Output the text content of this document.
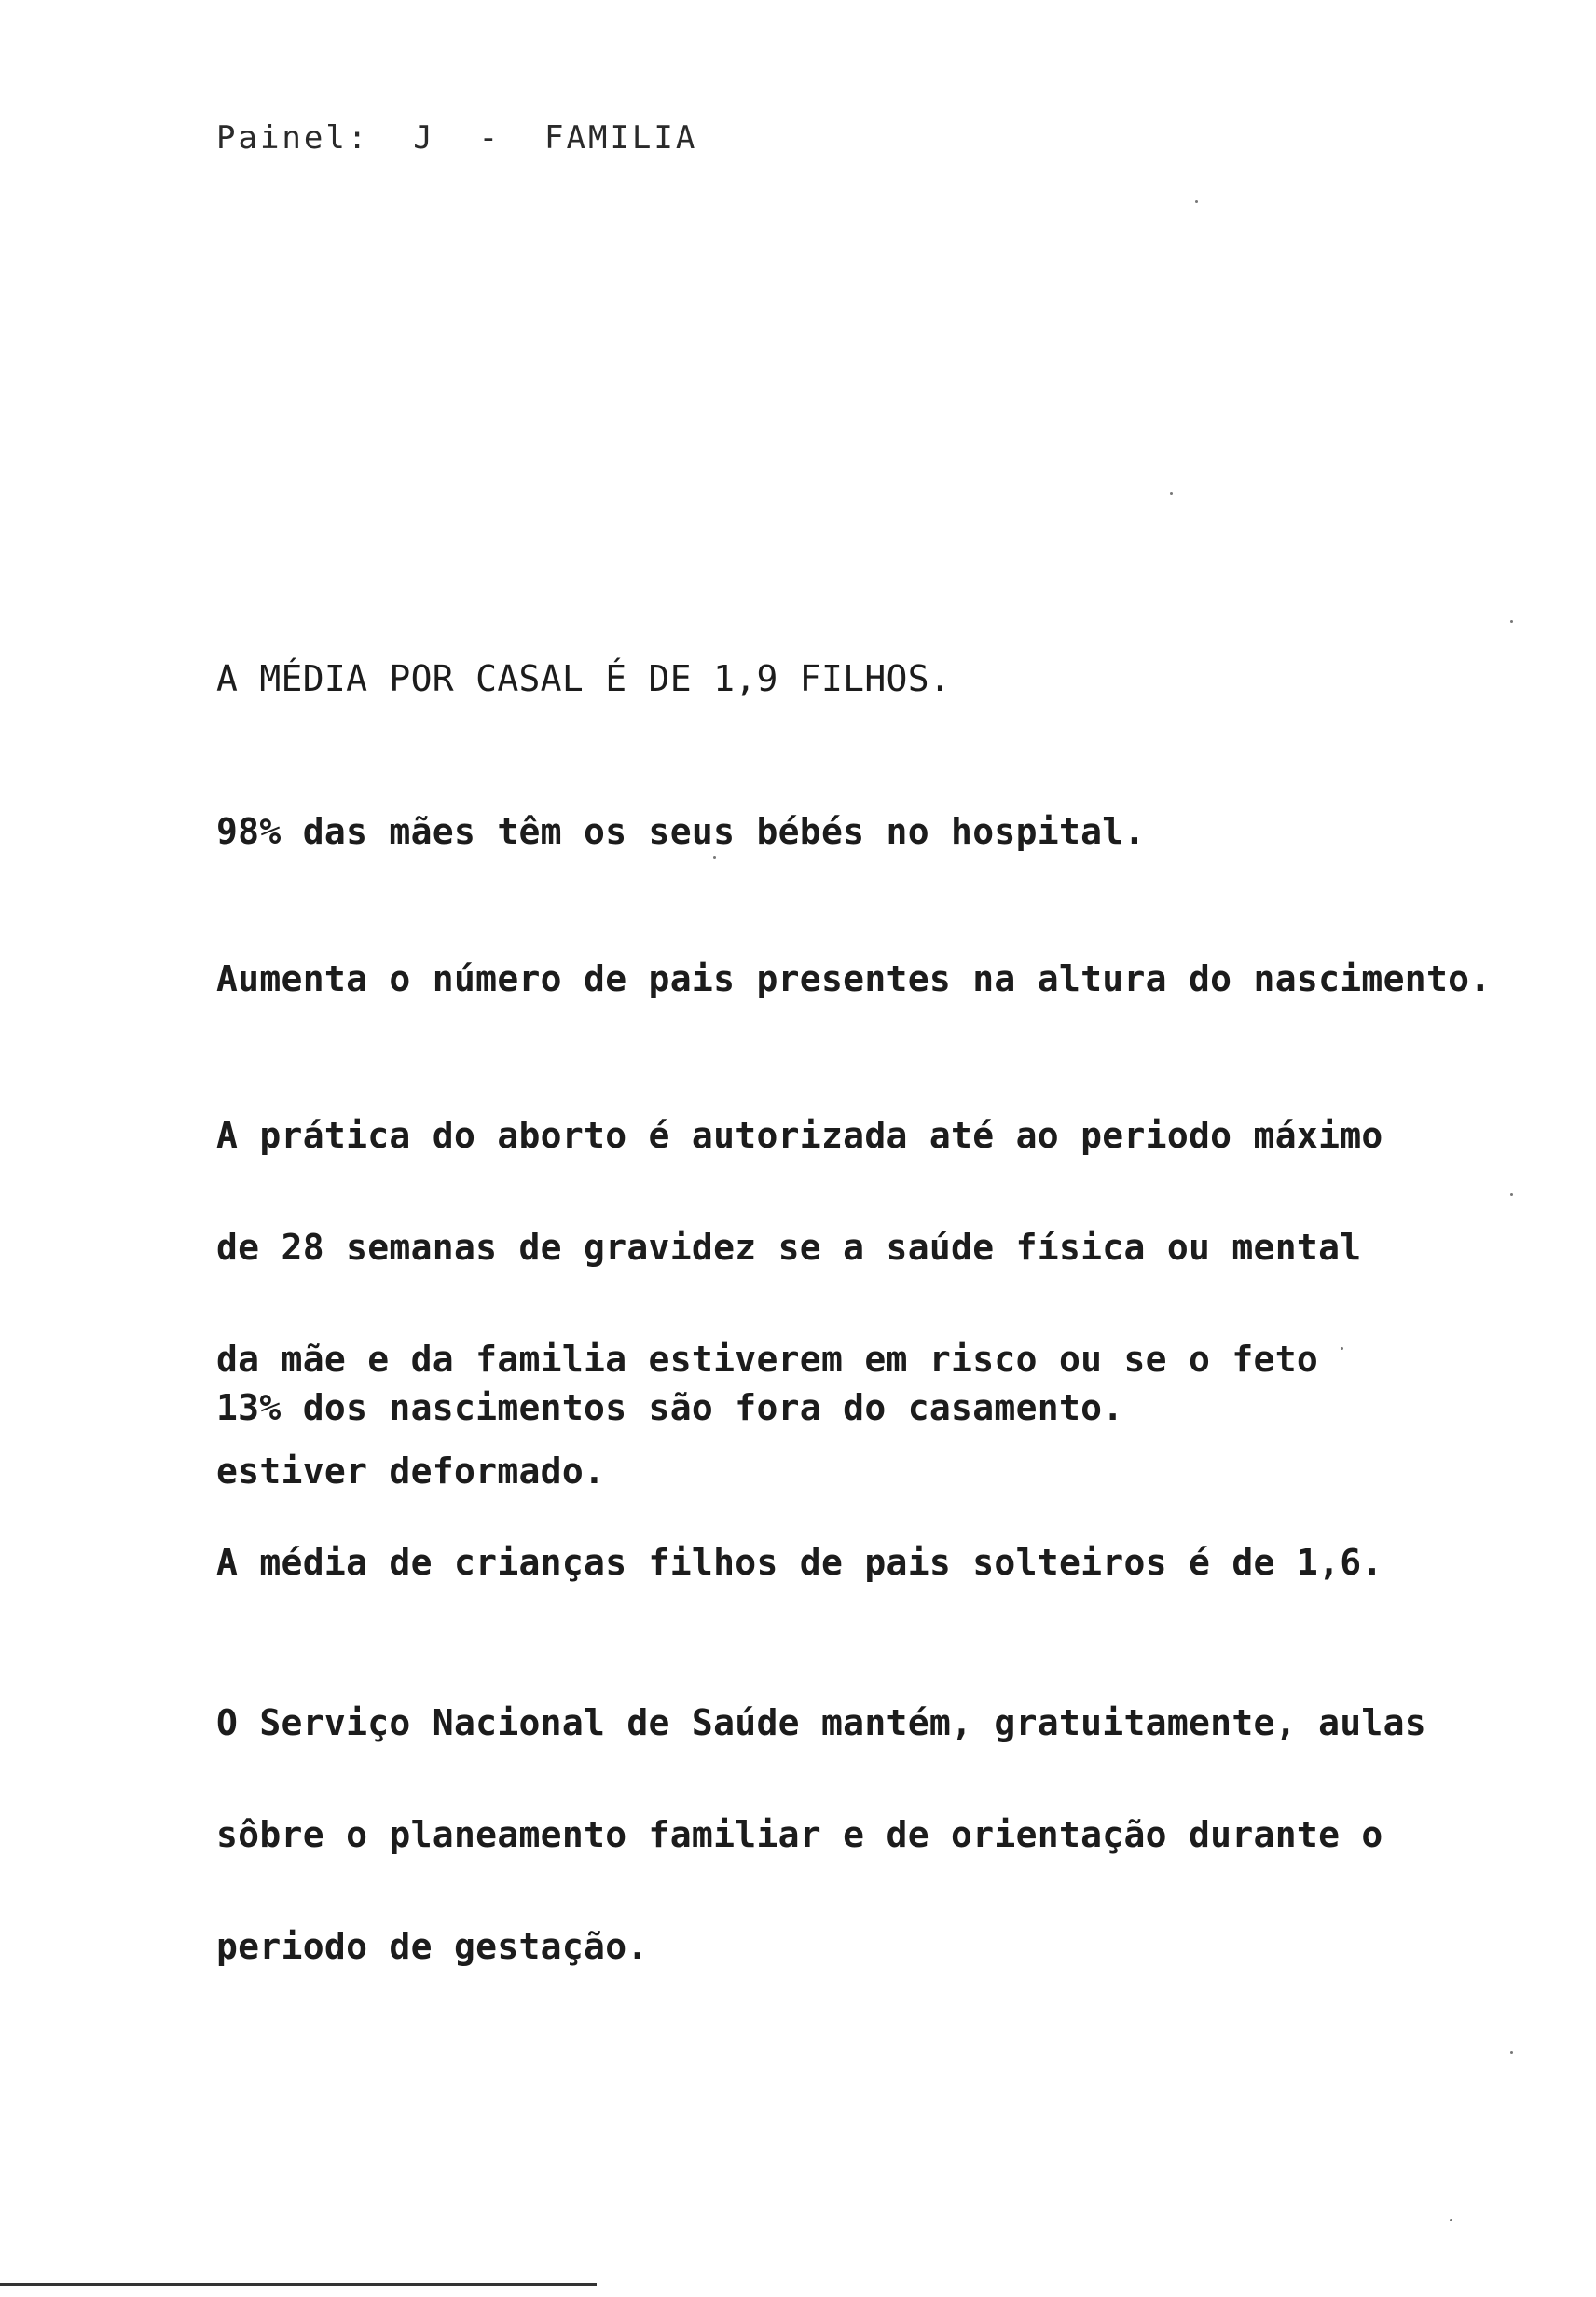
Painel:  J  -  FAMILIA

A MÉDIA POR CASAL É DE 1,9 FILHOS.

98% das mães têm os seus bébés no hospital.

Aumenta o número de pais presentes na altura do nascimento.

A prática do aborto é autorizada até ao periodo máximo

de 28 semanas de gravidez se a saúde física ou mental

da mãe e da familia estiverem em risco ou se o feto

estiver deformado.

13% dos nascimentos são fora do casamento.

A média de crianças filhos de pais solteiros é de 1,6.

O Serviço Nacional de Saúde mantém, gratuitamente, aulas

sôbre o planeamento familiar e de orientação durante o

periodo de gestação.
